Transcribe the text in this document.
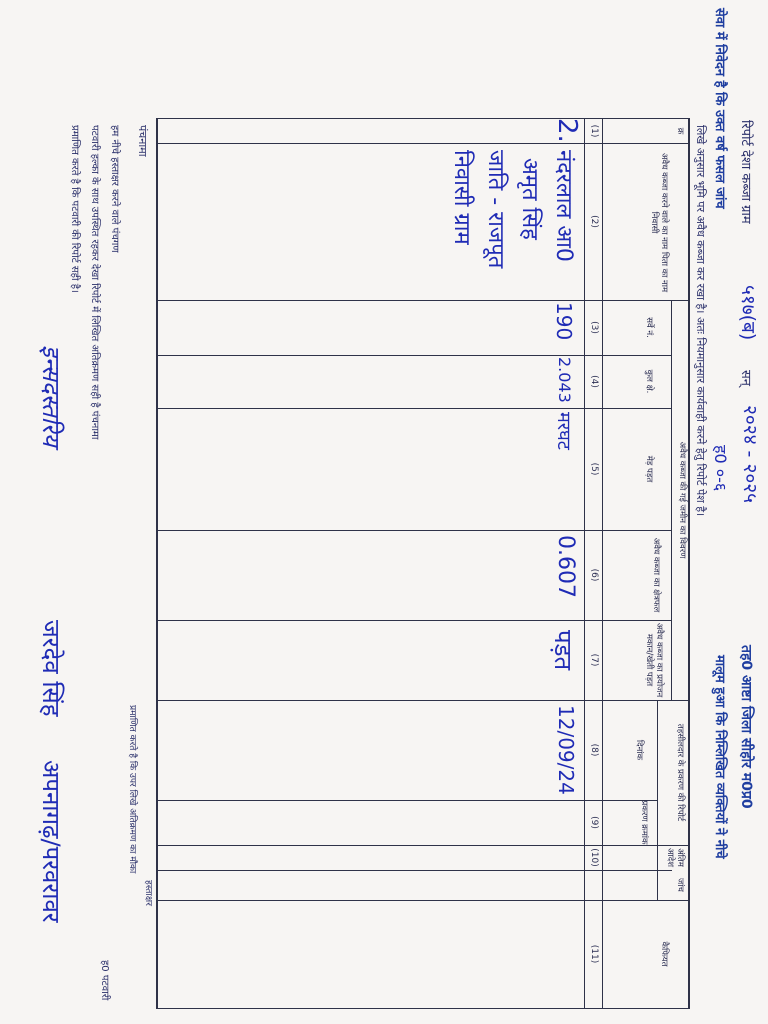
रिपोर्ट देशा कब्जा ग्राम
५१७(ब)
सन्
२०२४ - २०२५
तह0 आष्टा जिला सीहोर म0प्र0
सेवा में निवेदन है कि उक्त वर्ष फसल जांच
ह0 ०-६
मालूम हुआ कि निम्लिखित व्यक्तियों ने नीचे
लिखे अनुसार भूमि पर अवैध कब्जा कर रखा है। अतः नियमानुसार कार्यवाही करने हेतु रिपोर्ट पेश है।
क्र
अवैध कब्जा करने वाले का नाम पिता का नाम निवासी
अवैध कब्जा की गई जमीन का विवरण
सर्वे नं.
कुल क्षे.
मेड़ पड़त
अवैध कब्जा का क्षेत्रफल
अवैध कब्जा का प्रयोजन मकान/खेती पड़त
तहसीलदार के प्रकरण की रिपोर्ट
दिनांक
प्रकरण क्रमांक
अंतिम आदेश
जांच
कैफियत
(1)
(2)
(3)
(4)
(5)
(6)
(7)
(8)
(9)
(10)
(11)
2.
नंदरलाल आ0
अमृत सिंह
जाति - राजपूत
निवासी ग्राम
190
2.043
मरघट
0.607
पड़त
12/09/24
पंचनामा
हम नीचे हस्ताक्षर करने वाले पंचगण
पटवारी हल्का के साथ उपस्थित रहकर देखा रिपोर्ट में लिखित अतिक्रमण सही है पंचनामा
प्रमाणित करते है कि पटवारी की रिपोर्ट सही है।
प्रमाणित करते है कि उपर लिखे अतिक्रमण का मौका
हस्ताक्षर
ह0 पटवारी
इन्सदस्तरिय
जरदेव सिंह
अपनागढ़/परवरावर
